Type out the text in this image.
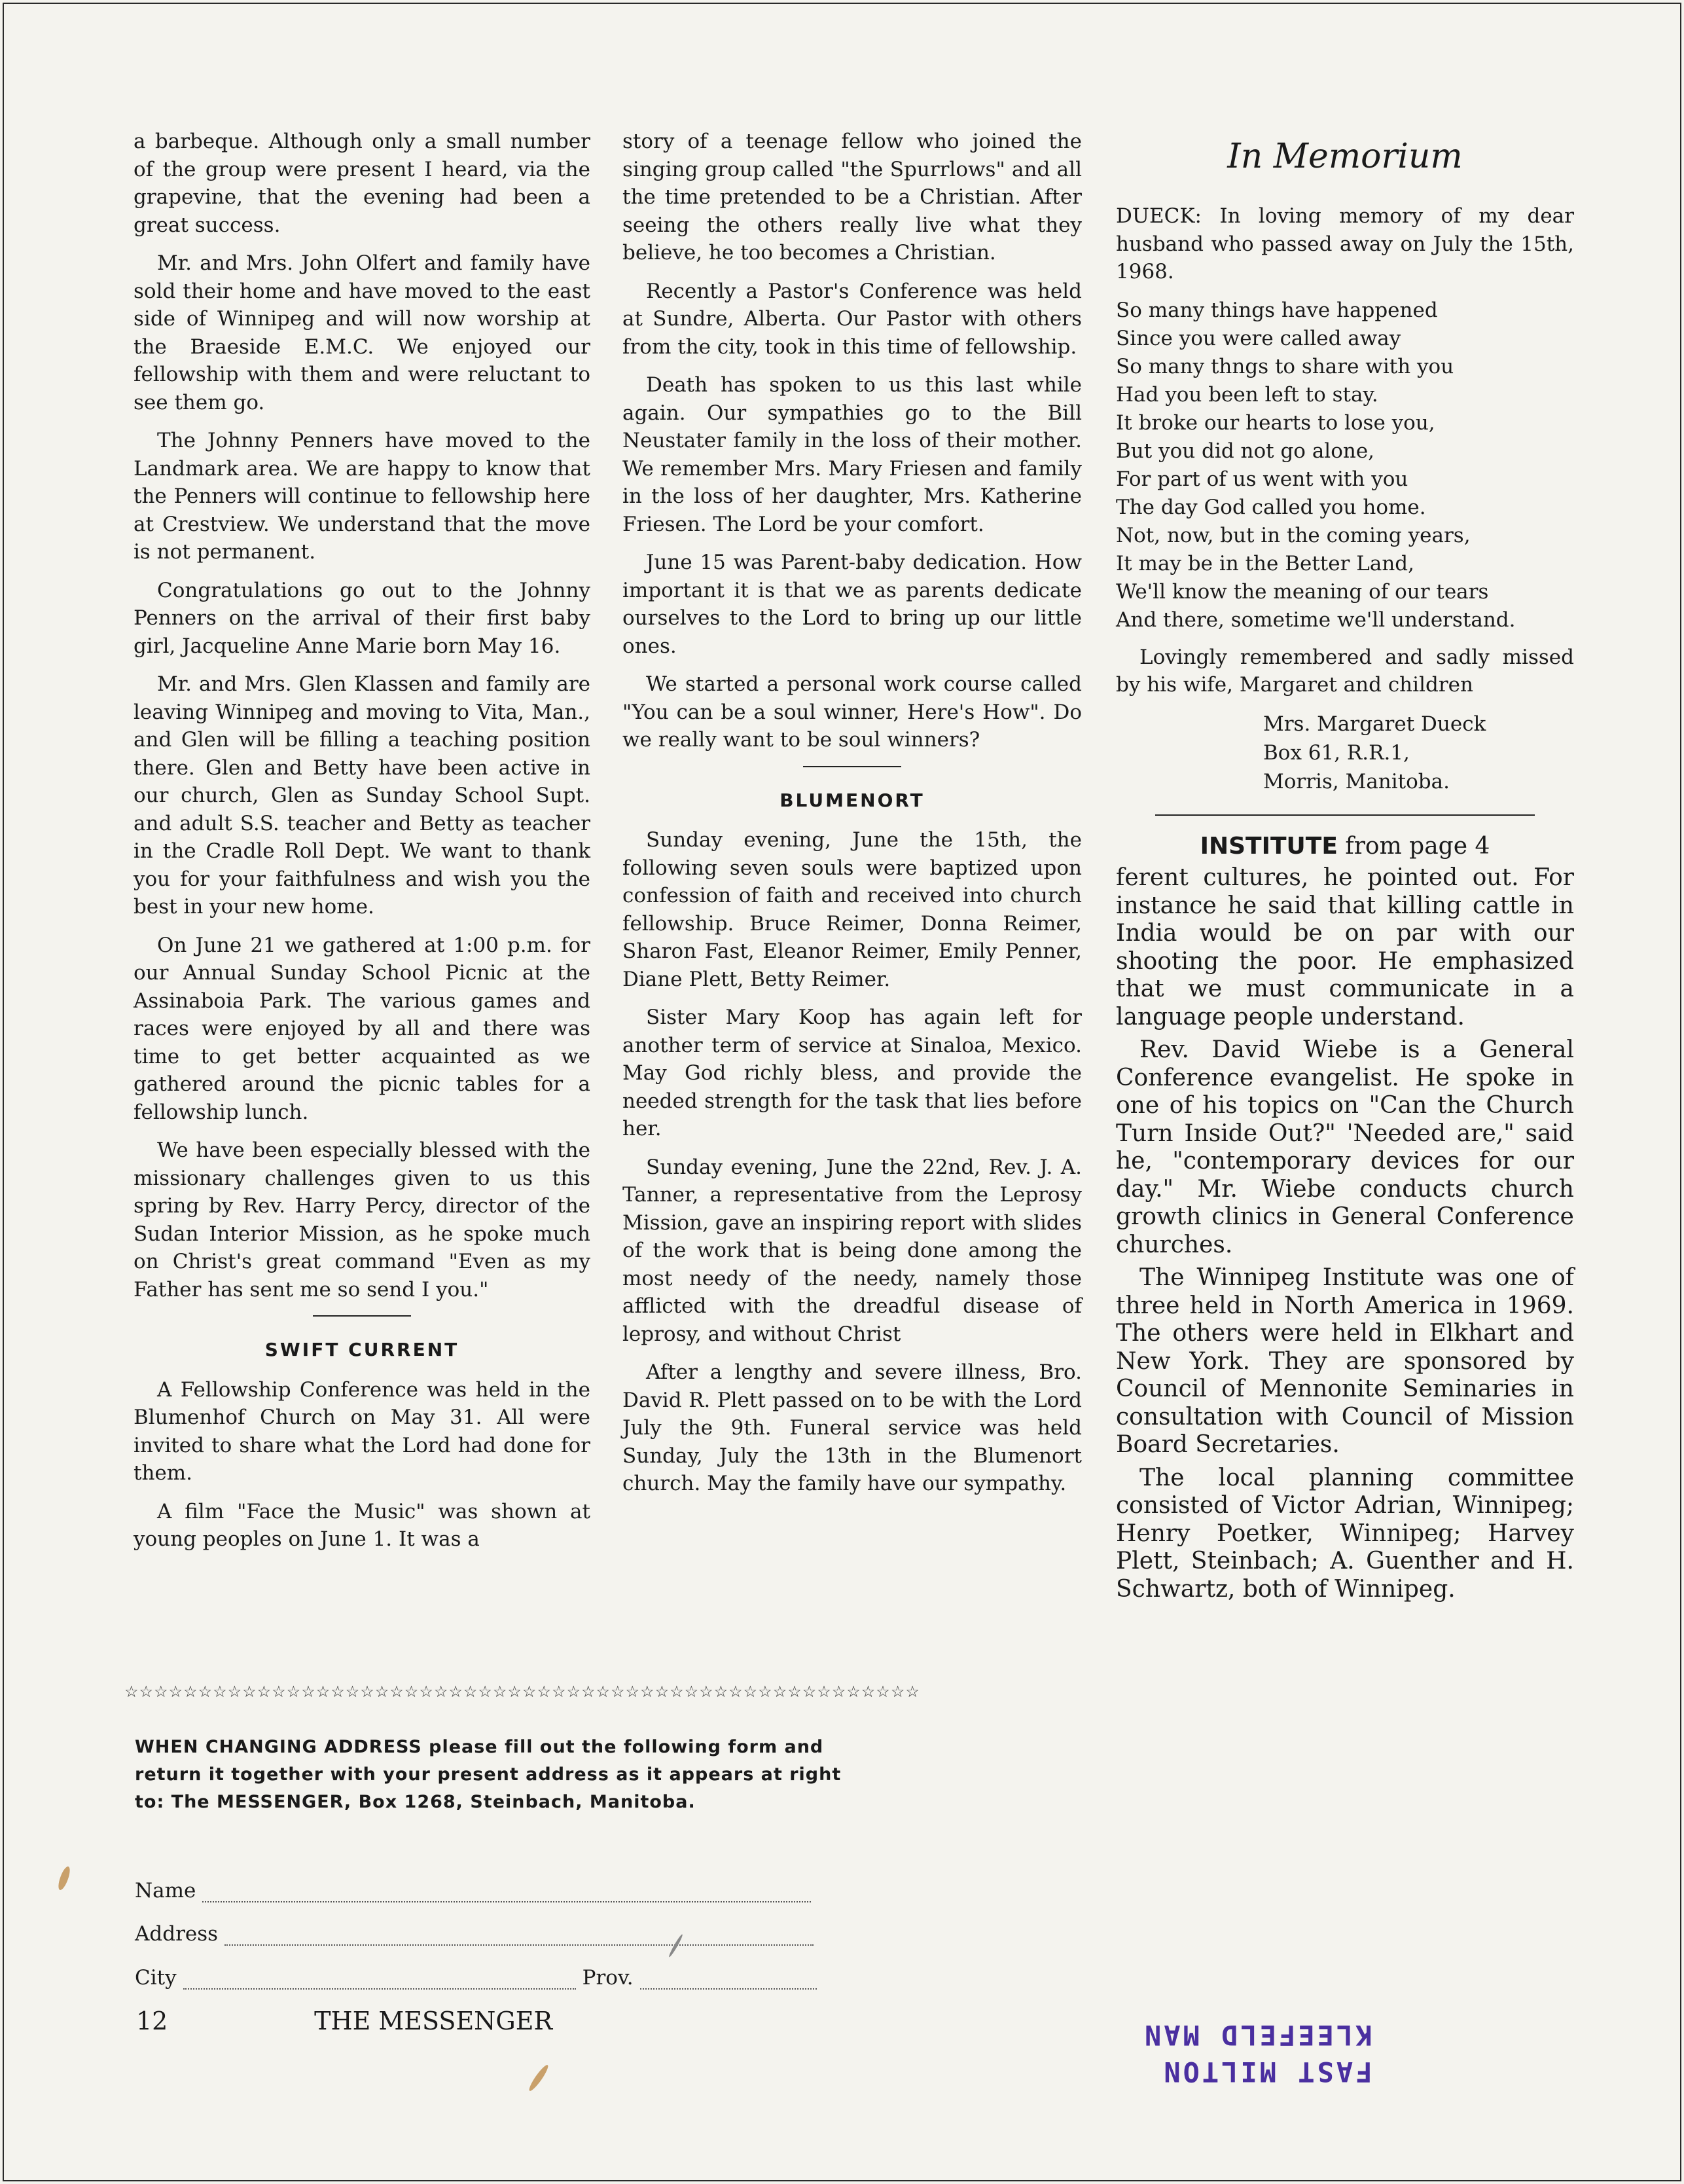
a barbeque. Although only a small number of the group were present I heard, via the grapevine, that the evening had been a great success.

Mr. and Mrs. John Olfert and family have sold their home and have moved to the east side of Winnipeg and will now worship at the Braeside E.M.C. We enjoyed our fellowship with them and were reluctant to see them go.

The Johnny Penners have moved to the Landmark area. We are happy to know that the Penners will continue to fellowship here at Crestview. We understand that the move is not permanent.

Congratulations go out to the Johnny Penners on the arrival of their first baby girl, Jacqueline Anne Marie born May 16.

Mr. and Mrs. Glen Klassen and family are leaving Winnipeg and moving to Vita, Man., and Glen will be filling a teaching position there. Glen and Betty have been active in our church, Glen as Sunday School Supt. and adult S.S. teacher and Betty as teacher in the Cradle Roll Dept. We want to thank you for your faithfulness and wish you the best in your new home.

On June 21 we gathered at 1:00 p.m. for our Annual Sunday School Picnic at the Assinaboia Park. The various games and races were enjoyed by all and there was time to get better acquainted as we gathered around the picnic tables for a fellowship lunch.

We have been especially blessed with the missionary challenges given to us this spring by Rev. Harry Percy, director of the Sudan Interior Mission, as he spoke much on Christ's great command "Even as my Father has sent me so send I you."

SWIFT CURRENT

A Fellowship Conference was held in the Blumenhof Church on May 31. All were invited to share what the Lord had done for them.

A film "Face the Music" was shown at young peoples on June 1. It was a

story of a teenage fellow who joined the singing group called "the Spurrlows" and all the time pretended to be a Christian. After seeing the others really live what they believe, he too becomes a Christian.

Recently a Pastor's Conference was held at Sundre, Alberta. Our Pastor with others from the city, took in this time of fellowship.

Death has spoken to us this last while again. Our sympathies go to the Bill Neustater family in the loss of their mother. We remember Mrs. Mary Friesen and family in the loss of her daughter, Mrs. Katherine Friesen. The Lord be your comfort.

June 15 was Parent-baby dedication. How important it is that we as parents dedicate ourselves to the Lord to bring up our little ones.

We started a personal work course called "You can be a soul winner, Here's How". Do we really want to be soul winners?

BLUMENORT

Sunday evening, June the 15th, the following seven souls were baptized upon confession of faith and received into church fellowship. Bruce Reimer, Donna Reimer, Sharon Fast, Eleanor Reimer, Emily Penner, Diane Plett, Betty Reimer.

Sister Mary Koop has again left for another term of service at Sinaloa, Mexico. May God richly bless, and provide the needed strength for the task that lies before her.

Sunday evening, June the 22nd, Rev. J. A. Tanner, a representative from the Leprosy Mission, gave an inspiring report with slides of the work that is being done among the most needy of the needy, namely those afflicted with the dreadful disease of leprosy, and without Christ

After a lengthy and severe illness, Bro. David R. Plett passed on to be with the Lord July the 9th. Funeral service was held Sunday, July the 13th in the Blumenort church. May the family have our sympathy.

In Memorium

DUECK: In loving memory of my dear husband who passed away on July the 15th, 1968.

So many things have happened
Since you were called away
So many thngs to share with you
Had you been left to stay.
It broke our hearts to lose you,
But you did not go alone,
For part of us went with you
The day God called you home.
Not, now, but in the coming years,
It may be in the Better Land,
We'll know the meaning of our tears
And there, sometime we'll understand.

Lovingly remembered and sadly missed by his wife, Margaret and children

Mrs. Margaret Dueck
Box 61, R.R.1,
Morris, Manitoba.
INSTITUTE from page 4

ferent cultures, he pointed out. For instance he said that killing cattle in India would be on par with our shooting the poor. He emphasized that we must communicate in a language people understand.

Rev. David Wiebe is a General Conference evangelist. He spoke in one of his topics on "Can the Church Turn Inside Out?" 'Needed are," said he, "contemporary devices for our day." Mr. Wiebe conducts church growth clinics in General Conference churches.

The Winnipeg Institute was one of three held in North America in 1969. The others were held in Elkhart and New York. They are sponsored by Council of Mennonite Seminaries in consultation with Council of Mission Board Secretaries.

The local planning committee consisted of Victor Adrian, Winnipeg; Henry Poetker, Winnipeg; Harvey Plett, Steinbach; A. Guenther and H. Schwartz, both of Winnipeg.

☆☆☆☆☆☆☆☆☆☆☆☆☆☆☆☆☆☆☆☆☆☆☆☆☆☆☆☆☆☆☆☆☆☆☆☆☆☆☆☆☆☆☆☆☆☆☆☆☆☆☆☆☆☆
WHEN CHANGING ADDRESS please fill out the following form and return it together with your present address as it appears at right to: The MESSENGER, Box 1268, Steinbach, Manitoba.
Name
Address
City	Prov.
12	THE MESSENGER
FAST MILTON
KLEEFELD MAN
